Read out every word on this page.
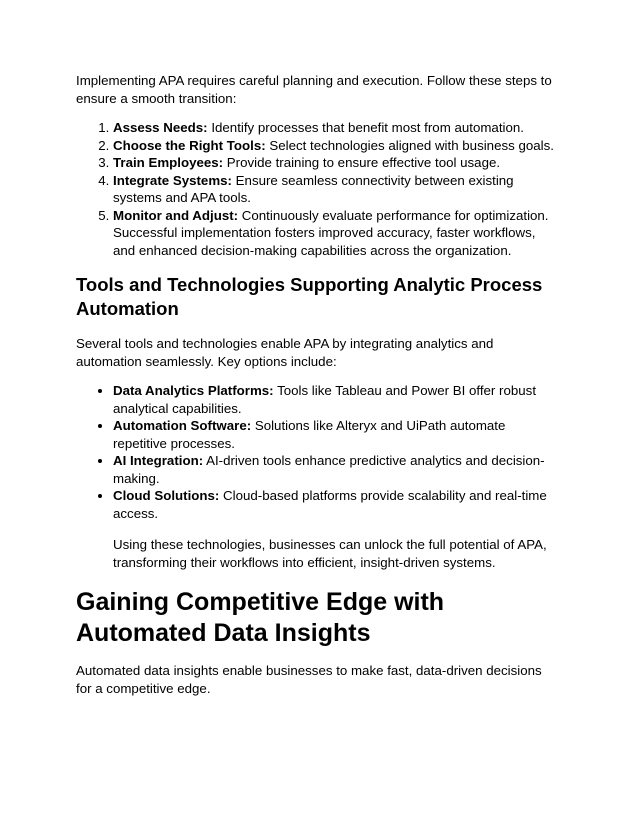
Implementing APA requires careful planning and execution. Follow these steps to ensure a smooth transition:

1. Assess Needs: Identify processes that benefit most from automation.
2. Choose the Right Tools: Select technologies aligned with business goals.
3. Train Employees: Provide training to ensure effective tool usage.
4. Integrate Systems: Ensure seamless connectivity between existing systems and APA tools.
5. Monitor and Adjust: Continuously evaluate performance for optimization. Successful implementation fosters improved accuracy, faster workflows, and enhanced decision-making capabilities across the organization.
Tools and Technologies Supporting Analytic Process Automation

Several tools and technologies enable APA by integrating analytics and automation seamlessly. Key options include:

• Data Analytics Platforms: Tools like Tableau and Power BI offer robust analytical capabilities.
• Automation Software: Solutions like Alteryx and UiPath automate repetitive processes.
• AI Integration: AI-driven tools enhance predictive analytics and decision-making.
• Cloud Solutions: Cloud-based platforms provide scalability and real-time access.

Using these technologies, businesses can unlock the full potential of APA, transforming their workflows into efficient, insight-driven systems.

Gaining Competitive Edge with Automated Data Insights

Automated data insights enable businesses to make fast, data-driven decisions for a competitive edge.
